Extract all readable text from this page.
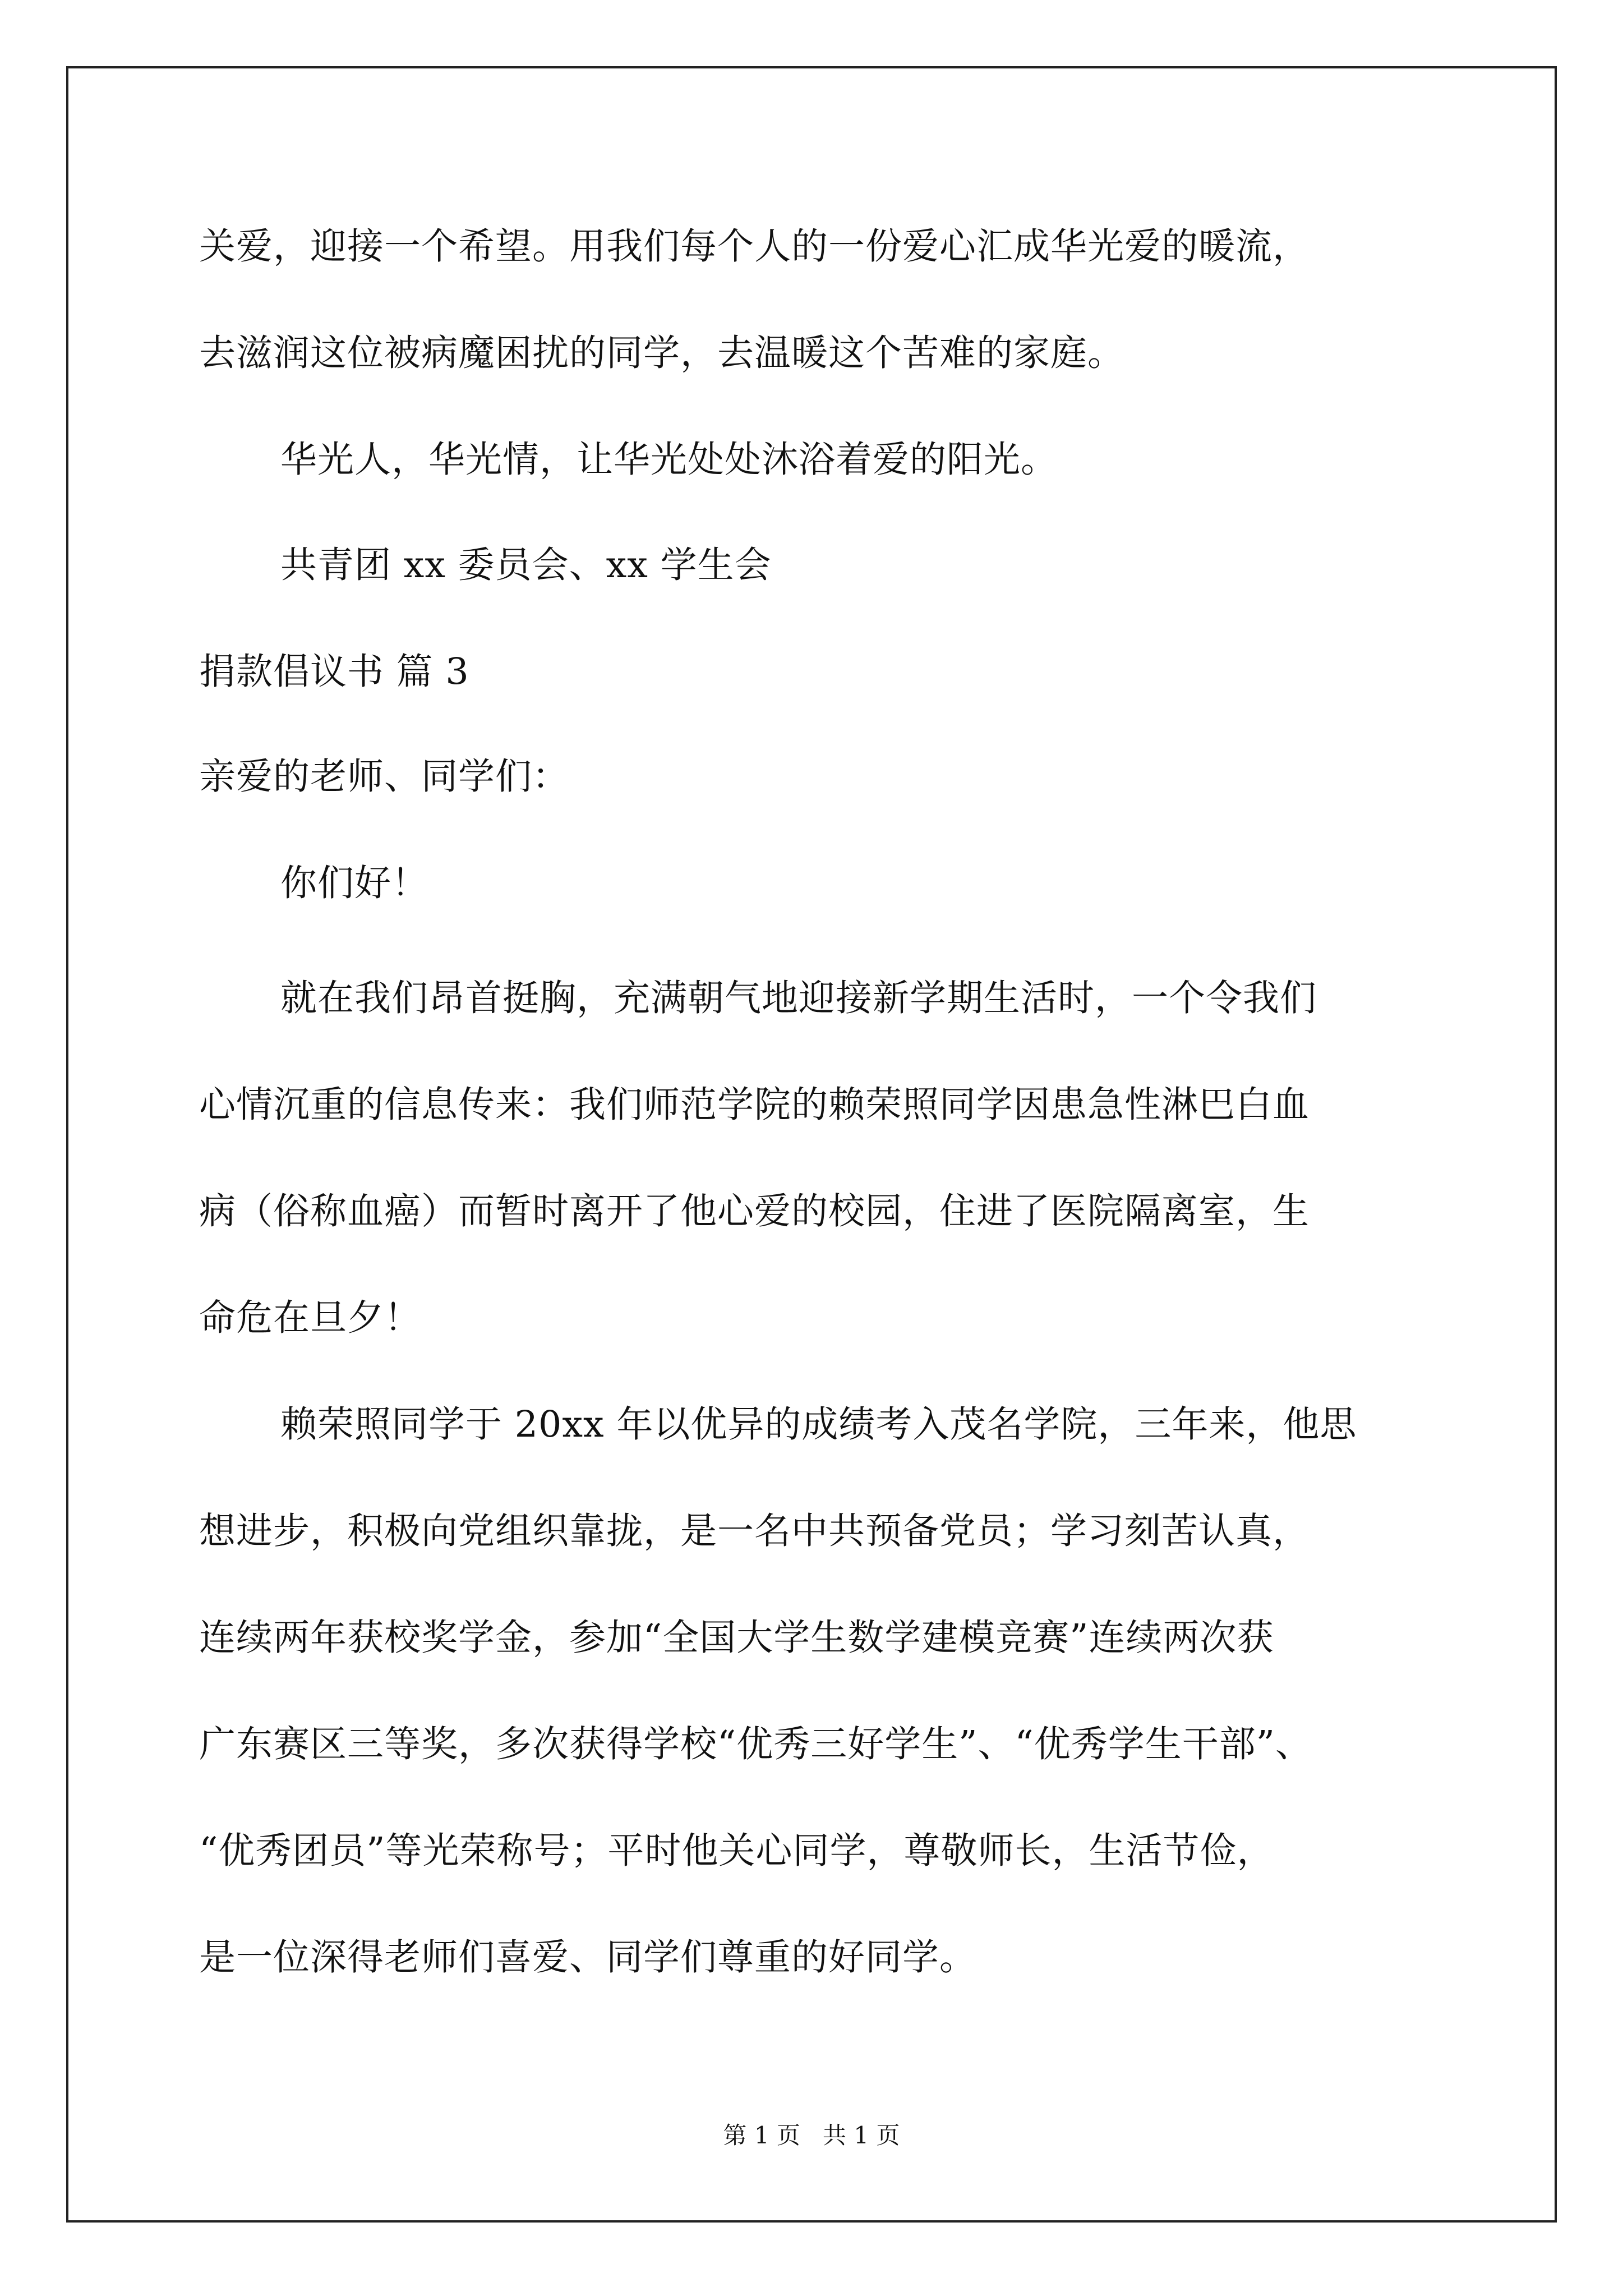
关爱，迎接一个希望。用我们每个人的一份爱心汇成华光爱的暖流，
去滋润这位被病魔困扰的同学，去温暖这个苦难的家庭。
华光人，华光情，让华光处处沐浴着爱的阳光。
共青团 xx 委员会、xx 学生会
捐款倡议书 篇 3
亲爱的老师、同学们：
你们好！
就在我们昂首挺胸，充满朝气地迎接新学期生活时，一个令我们
心情沉重的信息传来：我们师范学院的赖荣照同学因患急性淋巴白血
病（俗称血癌）而暂时离开了他心爱的校园，住进了医院隔离室，生
命危在旦夕！
赖荣照同学于 20xx 年以优异的成绩考入茂名学院，三年来，他思
想进步，积极向党组织靠拢，是一名中共预备党员；学习刻苦认真，
连续两年获校奖学金，参加“全国大学生数学建模竞赛”连续两次获
广东赛区三等奖，多次获得学校“优秀三好学生”、“优秀学生干部”、
“优秀团员”等光荣称号；平时他关心同学，尊敬师长，生活节俭，
是一位深得老师们喜爱、同学们尊重的好同学。
第 1 页   共 1 页
